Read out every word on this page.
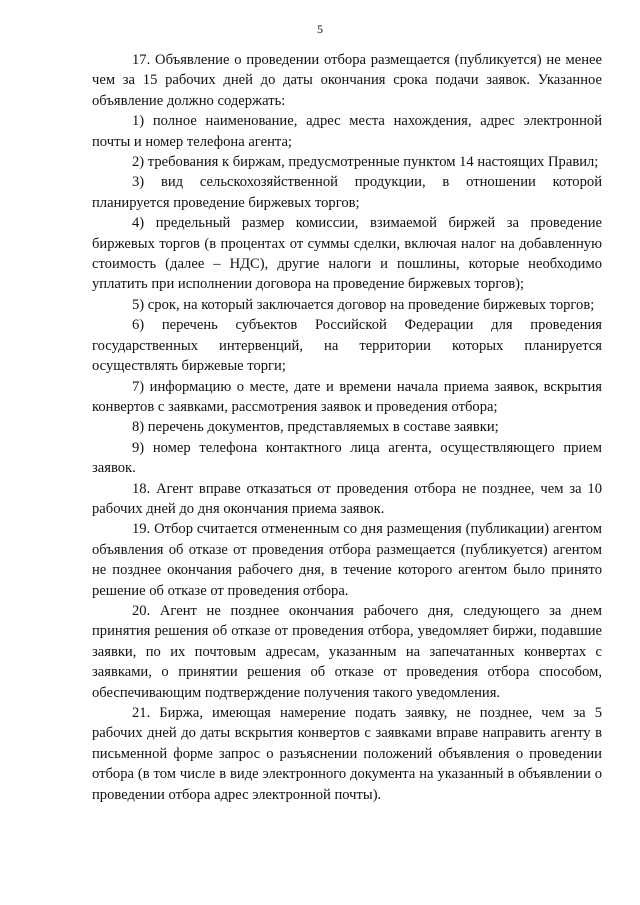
5

17. Объявление о проведении отбора размещается (публикуется) не менее чем за 15 рабочих дней до даты окончания срока подачи заявок. Указанное объявление должно содержать:

1) полное наименование, адрес места нахождения, адрес электронной почты и номер телефона агента;

2) требования к биржам, предусмотренные пунктом 14 настоящих Правил;

3) вид сельскохозяйственной продукции, в отношении которой планируется проведение биржевых торгов;

4) предельный размер комиссии, взимаемой биржей за проведение биржевых торгов (в процентах от суммы сделки, включая налог на добавленную стоимость (далее – НДС), другие налоги и пошлины, которые необходимо уплатить при исполнении договора на проведение биржевых торгов);

5) срок, на который заключается договор на проведение биржевых торгов;

6) перечень субъектов Российской Федерации для проведения государственных интервенций, на территории которых планируется осуществлять биржевые торги;

7) информацию о месте, дате и времени начала приема заявок, вскрытия конвертов с заявками, рассмотрения заявок и проведения отбора;

8) перечень документов, представляемых в составе заявки;

9) номер телефона контактного лица агента, осуществляющего прием заявок.

18. Агент вправе отказаться от проведения отбора не позднее, чем за 10 рабочих дней до дня окончания приема заявок.

19. Отбор считается отмененным со дня размещения (публикации) агентом объявления об отказе от проведения отбора размещается (публикуется) агентом не позднее окончания рабочего дня, в течение которого агентом было принято решение об отказе от проведения отбора.

20. Агент не позднее окончания рабочего дня, следующего за днем принятия решения об отказе от проведения отбора, уведомляет биржи, подавшие заявки, по их почтовым адресам, указанным на запечатанных конвертах с заявками, о принятии решения об отказе от проведения отбора способом, обеспечивающим подтверждение получения такого уведомления.

21. Биржа, имеющая намерение подать заявку, не позднее, чем за 5 рабочих дней до даты вскрытия конвертов с заявками вправе направить агенту в письменной форме запрос о разъяснении положений объявления о проведении отбора (в том числе в виде электронного документа на указанный в объявлении о проведении отбора адрес электронной почты).
